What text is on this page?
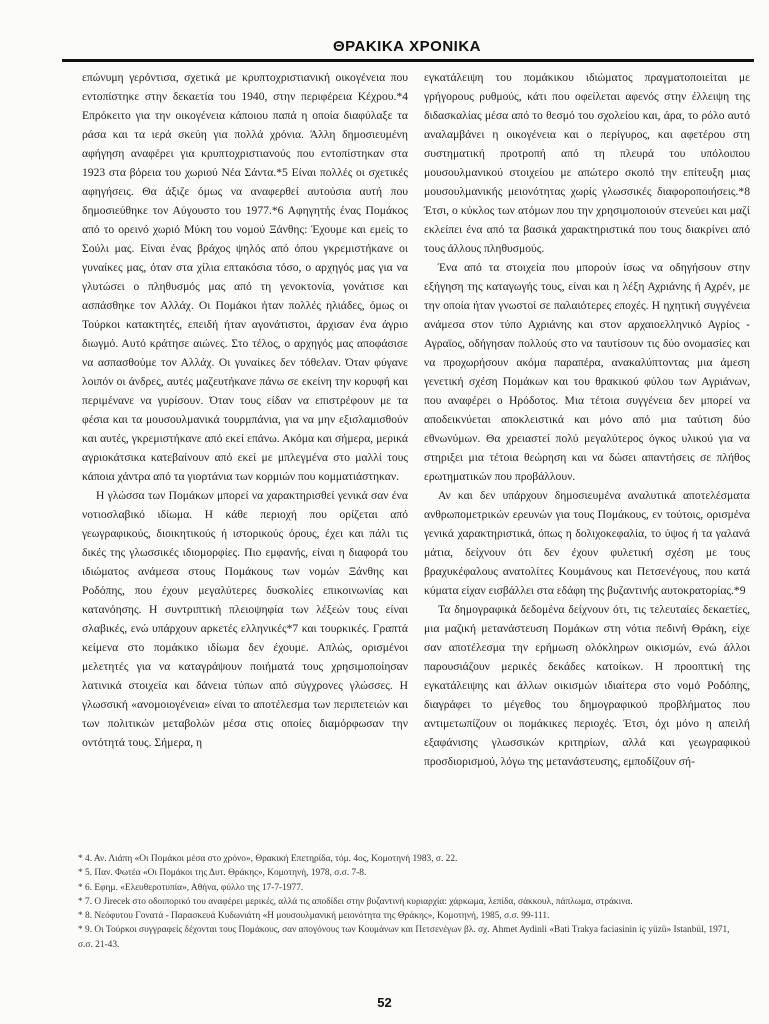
ΘΡΑΚΙΚΑ ΧΡΟΝΙΚΑ

επώνυμη γερόντισα, σχετικά με κρυπτοχριστιανική οικογένεια που εντοπίστηκε στην δεκαετία του 1940, στην περιφέρεια Κέχρου.*4 Επρόκειτο για την οικογένεια κάποιου παπά η οποία διαφύλαξε τα ράσα και τα ιερά σκεύη για πολλά χρόνια. Άλλη δημοσιευμένη αφήγηση αναφέρει για κρυπτοχριστιανούς που εντοπίστηκαν στα 1923 στα βόρεια του χωριού Νέα Σάντα.*5 Είναι πολλές οι σχετικές αφηγήσεις. Θα άξιζε όμως να αναφερθεί αυτούσια αυτή που δημοσιεύθηκε τον Αύγουστο του 1977.*6 Αφηγητής ένας Πομάκος από το ορεινό χωριό Μύκη του νομού Ξάνθης: Έχουμε και εμείς το Σούλι μας. Είναι ένας βράχος ψηλός από όπου γκρεμιστήκανε οι γυναίκες μας, όταν στα χίλια επτακόσια τόσο, ο αρχηγός μας για να γλυτώσει ο πληθυσμός μας από τη γενοκτονία, γονάτισε και ασπάσθηκε τον Αλλάχ. Οι Πομάκοι ήταν πολλές ηλιάδες, όμως οι Τούρκοι κατακτητές, επειδή ήταν αγονάτιστοι, άρχισαν ένα άγριο διωγμό. Αυτό κράτησε αιώνες. Στο τέλος, ο αρχηγός μας αποφάσισε να ασπασθούμε τον Αλλάχ. Οι γυναίκες δεν τόθελαν. Όταν φύγανε λοιπόν οι άνδρες, αυτές μαζευτήκανε πάνω σε εκείνη την κορυφή και περιμένανε να γυρίσουν. Όταν τους είδαν να επιστρέφουν με τα φέσια και τα μουσουλμανικά τουρμπάνια, για να μην εξισλαμισθούν και αυτές, γκρεμιστήκανε από εκεί επάνω. Ακόμα και σήμερα, μερικά αγριοκάτσικα κατεβαίνουν από εκεί με μπλεγμένα στο μαλλί τους κάποια χάντρα από τα γιορτάνια των κορμιών που κομματιάστηκαν.

Η γλώσσα των Πομάκων μπορεί να χαρακτηρισθεί γενικά σαν ένα νοτιοσλαβικό ιδίωμα. Η κάθε περιοχή που ορίζεται από γεωγραφικούς, διοικητικούς ή ιστορικούς όρους, έχει και πάλι τις δικές της γλωσσικές ιδιομορφίες. Πιο εμφανής, είναι η διαφορά του ιδιώματος ανάμεσα στους Πομάκους των νομών Ξάνθης και Ροδόπης, που έχουν μεγαλύτερες δυσκολίες επικοινωνίας και κατανόησης. Η συντριπτική πλειοψηφία των λέξεών τους είναι σλαβικές, ενώ υπάρχουν αρκετές ελληνικές*7 και τουρκικές. Γραπτά κείμενα στο πομάκικο ιδίωμα δεν έχουμε. Απλώς, ορισμένοι μελετητές για να καταγράψουν ποιήματά τους χρησιμοποίησαν λατινικά στοιχεία και δάνεια τύπων από σύγχρονες γλώσσες. Η γλωσσική «ανομοιογένεια» είναι το αποτέλεσμα των περιπετειών και των πολιτικών μεταβολών μέσα στις οποίες διαμόρφωσαν την οντότητά τους. Σήμερα, η

εγκατάλειψη του πομάκικου ιδιώματος πραγματοποιείται με γρήγορους ρυθμούς, κάτι που οφείλεται αφενός στην έλλειψη της διδασκαλίας μέσα από το θεσμό του σχολείου και, άρα, το ρόλο αυτό αναλαμβάνει η οικογένεια και ο περίγυρος, και αφετέρου στη συστηματική προτροπή από τη πλευρά του υπόλοιπου μουσουλμανικού στοιχείου με απώτερο σκοπό την επίτευξη μιας μουσουλμανικής μειονότητας χωρίς γλωσσικές διαφοροποιήσεις.*8 Έτσι, ο κύκλος των ατόμων που την χρησιμοποιούν στενεύει και μαζί εκλείπει ένα από τα βασικά χαρακτηριστικά που τους διακρίνει από τους άλλους πληθυσμούς.

Ένα από τα στοιχεία που μπορούν ίσως να οδηγήσουν στην εξήγηση της καταγωγής τους, είναι και η λέξη Αχριάνης ή Αχρέν, με την οποία ήταν γνωστοί σε παλαιότερες εποχές. Η ηχητική συγγένεια ανάμεσα στον τύπο Αχριάνης και στον αρχαιοελληνικό Αγρίος - Αγραϊος, οδήγησαν πολλούς στο να ταυτίσουν τις δύο ονομασίες και να προχωρήσουν ακόμα παραπέρα, ανακαλύπτοντας μια άμεση γενετική σχέση Πομάκων και του θρακικού φύλου των Αγριάνων, που αναφέρει ο Ηρόδοτος. Μια τέτοια συγγένεια δεν μπορεί να αποδεικνύεται αποκλειστικά και μόνο από μια ταύτιση δύο εθνωνύμων. Θα χρειαστεί πολύ μεγαλύτερος όγκος υλικού για να στηριξει μια τέτοια θεώρηση και να δώσει απαντήσεις σε πλήθος ερωτηματικών που προβάλλουν.

Αν και δεν υπάρχουν δημοσιευμένα αναλυτικά αποτελέσματα ανθρωπομετρικών ερευνών για τους Πομάκους, εν τούτοις, ορισμένα γενικά χαρακτηριστικά, όπως η δολιχοκεφαλία, το ύψος ή τα γαλανά μάτια, δείχνουν ότι δεν έχουν φυλετική σχέση με τους βραχυκέφαλους ανατολίτες Κουμάνους και Πετσενέγους, που κατά κύματα είχαν εισβάλλει στα εδάφη της βυζαντινής αυτοκρατορίας.*9

Τα δημογραφικά δεδομένα δείχνουν ότι, τις τελευταίες δεκαετίες, μια μαζική μετανάστευση Πομάκων στη νότια πεδινή Θράκη, είχε σαν αποτέλεσμα την ερήμωση ολόκληρων οικισμών, ενώ άλλοι παρουσιάζουν μερικές δεκάδες κατοίκων. Η προοπτική της εγκατάλειψης και άλλων οικισμών ιδιαίτερα στο νομό Ροδόπης, διαγράφει το μέγεθος του δημογραφικού προβλήματος που αντιμετωπίζουν οι πομάκικες περιοχές. Έτσι, όχι μόνο η απειλή εξαφάνισης γλωσσικών κριτηρίων, αλλά και γεωγραφικού προσδιορισμού, λόγω της μετανάστευσης, εμποδίζουν σή-

* 4. Αν. Λιάπη «Οι Πομάκοι μέσα στο χρόνο», Θρακική Επετηρίδα, τόμ. 4ος, Κομοτηνή 1983, σ. 22.

* 5. Παν. Φωτέα «Οι Πομάκοι της Δυτ. Θράκης», Κομοτηνή, 1978, σ.σ. 7-8.

* 6. Εφημ. «Ελευθεροτυπία», Αθήνα, φύλλο της 17-7-1977.

* 7. Ο Jirecek στο οδοιπορικό του αναφέρει μερικές, αλλά τις αποδίδει στην βυζαντινή κυριαρχία: χάρκωμα, λεπίδα, σάκκουλ, πάπλωμα, στράκινα.

* 8. Νεόφυτου Γονατά - Παρασκευά Κυδωνιάτη «Η μουσουλμανική μειονότητα της Θράκης», Κομοτηνή, 1985, σ.σ. 99-111.

* 9. Οι Τούρκοι συγγραφείς δέχονται τους Πομάκους, σαν απογόνους των Κουμάνων και Πετσενέγων βλ. σχ. Ahmet Aydinli «Bati Trakya faciasinin iç yüzü» Istanbül, 1971, σ.σ. 21-43.

52
